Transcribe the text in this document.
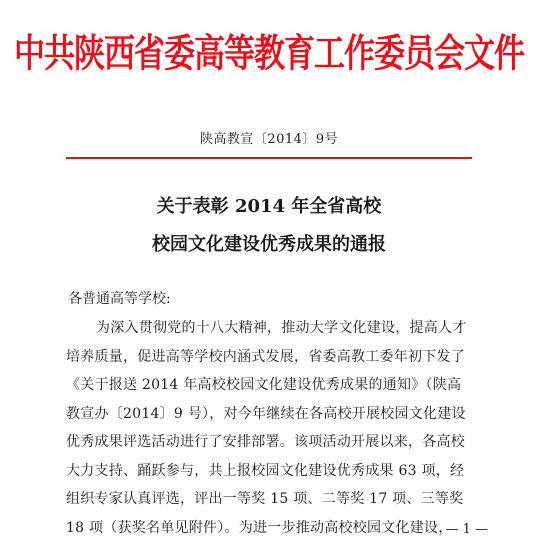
中共陕西省委高等教育工作委员会文件
陕高教宣〔2014〕9号
关于表彰 2014 年全省高校
校园文化建设优秀成果的通报
各普通高等学校:
为深入贯彻党的十八大精神，推动大学文化建设，提高人才
培养质量，促进高等学校内涵式发展，省委高教工委年初下发了
《关于报送 2014 年高校校园文化建设优秀成果的通知》（陕高
教宣办〔2014〕9 号），对今年继续在各高校开展校园文化建设
优秀成果评选活动进行了安排部署。该项活动开展以来，各高校
大力支持、踊跃参与，共上报校园文化建设优秀成果 63 项，经
组织专家认真评选，评出一等奖 15 项、二等奖 17 项、三等奖
18 项（获奖名单见附件）。为进一步推动高校校园文化建设，
— 1 —
